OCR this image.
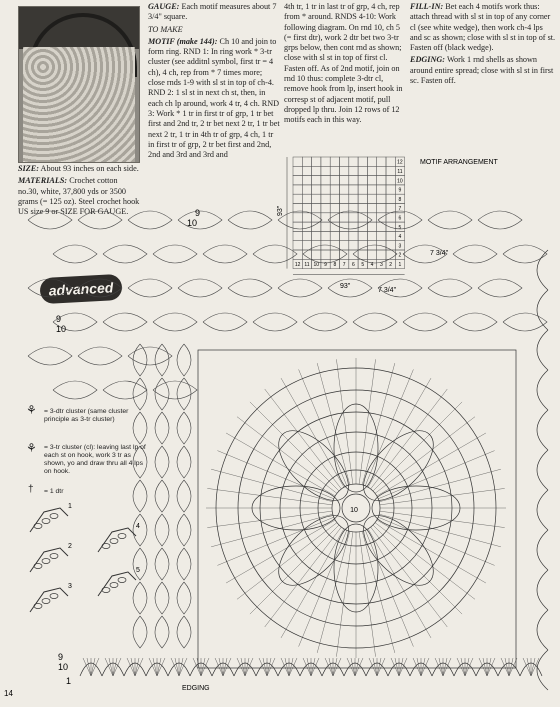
SIZE: About 93 inches on each side.

MATERIALS: Crochet cotton no.30, white, 37,800 yds or 3500 grams (= 125 oz). Steel crochet hook US size 9 or SIZE FOR GAUGE.

GAUGE: Each motif measures about 7 3/4" square.

TO MAKE

MOTIF (make 144): Ch 10 and join to form ring. RND 1: In ring work * 3-tr cluster (see additnl symbol, first tr = 4 ch), 4 ch, rep from * 7 times more; close rnds 1-9 with sl st in top of ch-4. RND 2: 1 sl st in next ch st, then, in each ch lp around, work 4 tr, 4 ch. RND 3: Work * 1 tr in first tr of grp, 1 tr bet first and 2nd tr, 2 tr bet next 2 tr, 1 tr bet next 2 tr, 1 tr in 4th tr of grp, 4 ch, 1 tr in first tr of grp, 2 tr bet first and 2nd, 2nd and 3rd and 3rd and

4th tr, 1 tr in last tr of grp, 4 ch, rep from * around. RNDS 4-10: Work following diagram. On rnd 10, ch 5 (= first dtr), work 2 dtr bet two 3-tr grps below, then cont rnd as shown; close with sl st in top of first cl. Fasten off. As of 2nd motif, join on rnd 10 thus: complete 3-dtr cl, remove hook from lp, insert hook in corresp st of adjacent motif, pull dropped lp thru. Join 12 rows of 12 motifs each in this way.

FILL-IN: Bet each 4 motifs work thus: attach thread with sl st in top of any corner cl (see white wedge), then work ch-4 lps and sc as shown; close with sl st in top of st. Fasten off (black wedge).

EDGING: Work 1 rnd shells as shown around entire spread; close with sl st in first sc. Fasten off.

advanced
12 11 10 9 8 7 6 5 4 3 2 1
12
11
10
9
8
7
6
5
4
3
2
MOTIF ARRANGEMENT
93"
93"
7 3/4"
7 3/4"
EDGING
9
10
9
10
9
10
1
10
14
⚘ = 3-dtr cluster (same cluster principle as 3-tr cluster)
⚘ = 3-tr cluster (cl): leaving last lp of each st on hook, work 3 tr as shown, yo and draw thru all 4 lps on hook.
† = 1 dtr
1
2
3
4
5
